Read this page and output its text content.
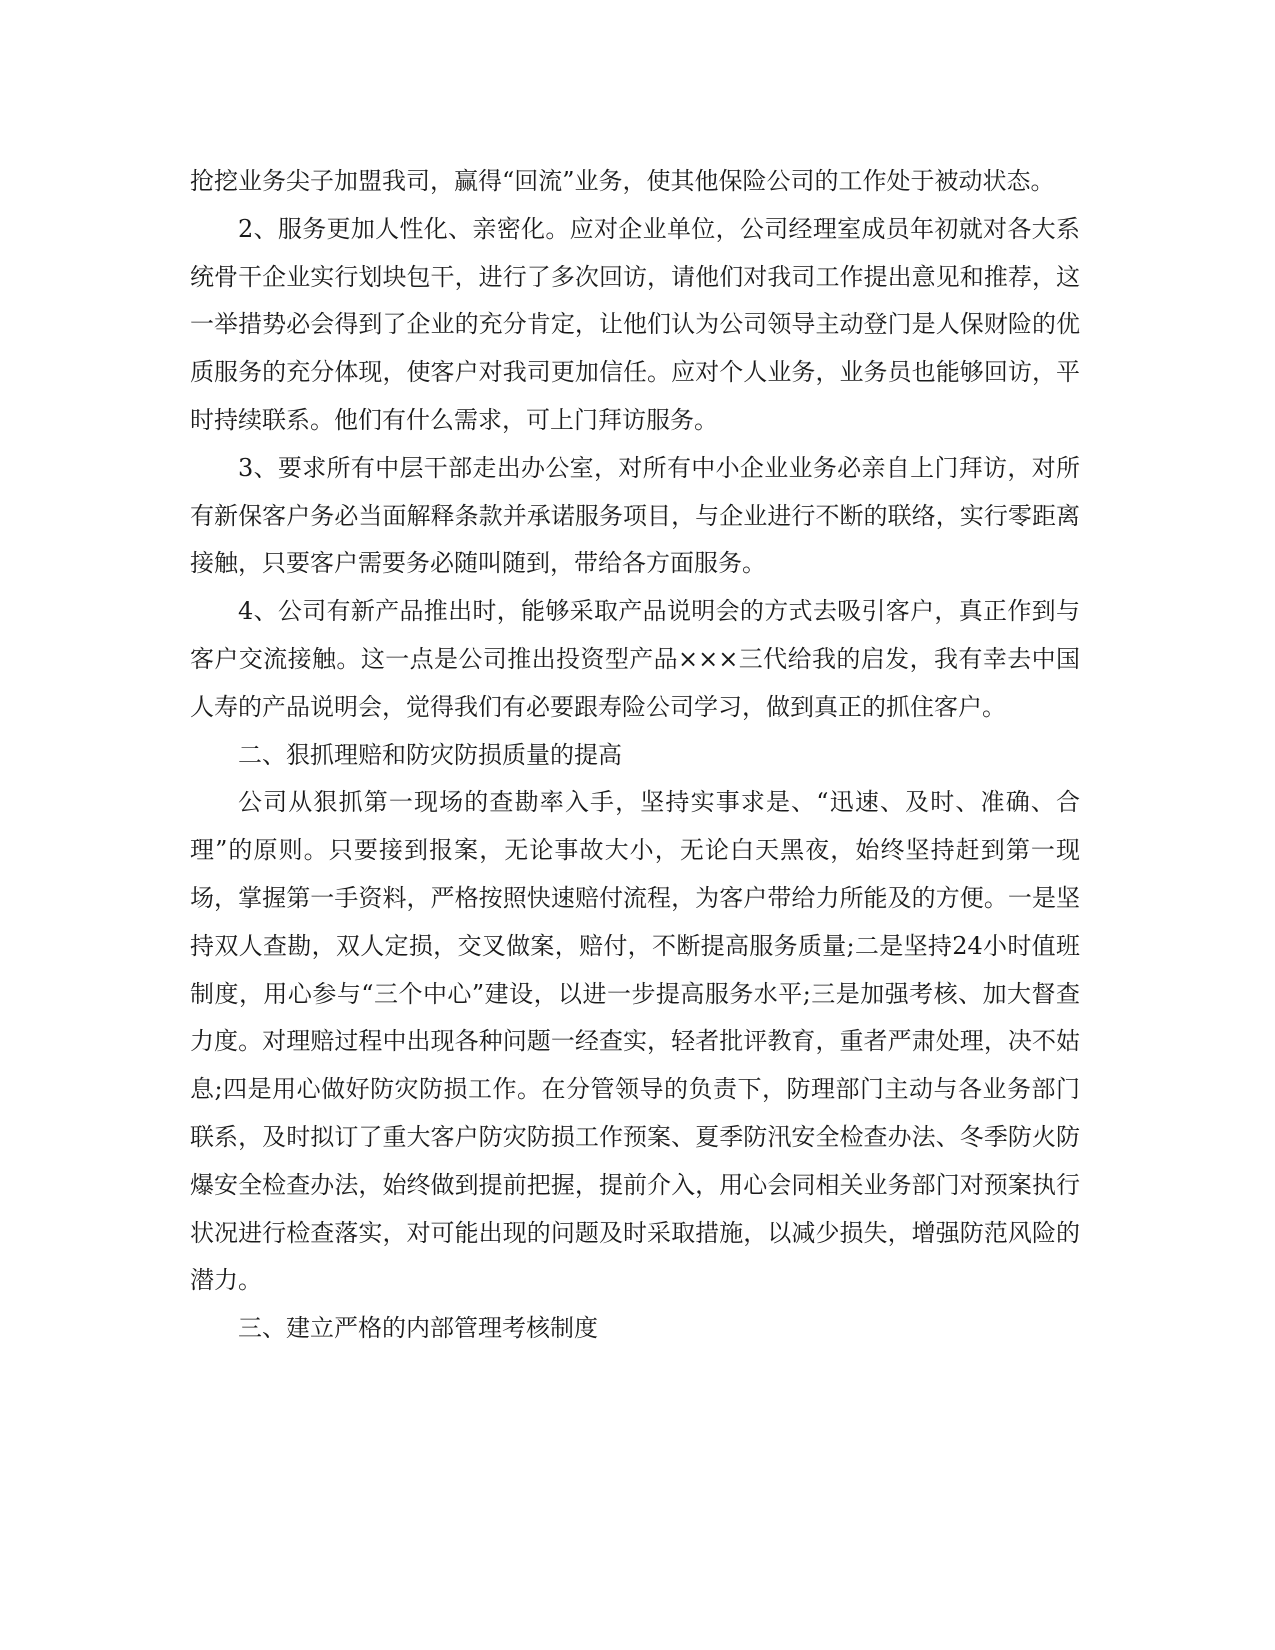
抢挖业务尖子加盟我司，赢得“回流”业务，使其他保险公司的工作处于被动状态。

2、服务更加人性化、亲密化。应对企业单位，公司经理室成员年初就对各大系统骨干企业实行划块包干，进行了多次回访，请他们对我司工作提出意见和推荐，这一举措势必会得到了企业的充分肯定，让他们认为公司领导主动登门是人保财险的优质服务的充分体现，使客户对我司更加信任。应对个人业务，业务员也能够回访，平时持续联系。他们有什么需求，可上门拜访服务。

3、要求所有中层干部走出办公室，对所有中小企业业务必亲自上门拜访，对所有新保客户务必当面解释条款并承诺服务项目，与企业进行不断的联络，实行零距离接触，只要客户需要务必随叫随到，带给各方面服务。

4、公司有新产品推出时，能够采取产品说明会的方式去吸引客户，真正作到与客户交流接触。这一点是公司推出投资型产品×××三代给我的启发，我有幸去中国人寿的产品说明会，觉得我们有必要跟寿险公司学习，做到真正的抓住客户。

二、狠抓理赔和防灾防损质量的提高

公司从狠抓第一现场的查勘率入手，坚持实事求是、“迅速、及时、准确、合理”的原则。只要接到报案，无论事故大小，无论白天黑夜，始终坚持赶到第一现场，掌握第一手资料，严格按照快速赔付流程，为客户带给力所能及的方便。一是坚持双人查勘，双人定损，交叉做案，赔付，不断提高服务质量;二是坚持24小时值班制度，用心参与“三个中心”建设，以进一步提高服务水平;三是加强考核、加大督查力度。对理赔过程中出现各种问题一经查实，轻者批评教育，重者严肃处理，决不姑息;四是用心做好防灾防损工作。在分管领导的负责下，防理部门主动与各业务部门联系，及时拟订了重大客户防灾防损工作预案、夏季防汛安全检查办法、冬季防火防爆安全检查办法，始终做到提前把握，提前介入，用心会同相关业务部门对预案执行状况进行检查落实，对可能出现的问题及时采取措施，以减少损失，增强防范风险的潜力。

三、建立严格的内部管理考核制度
